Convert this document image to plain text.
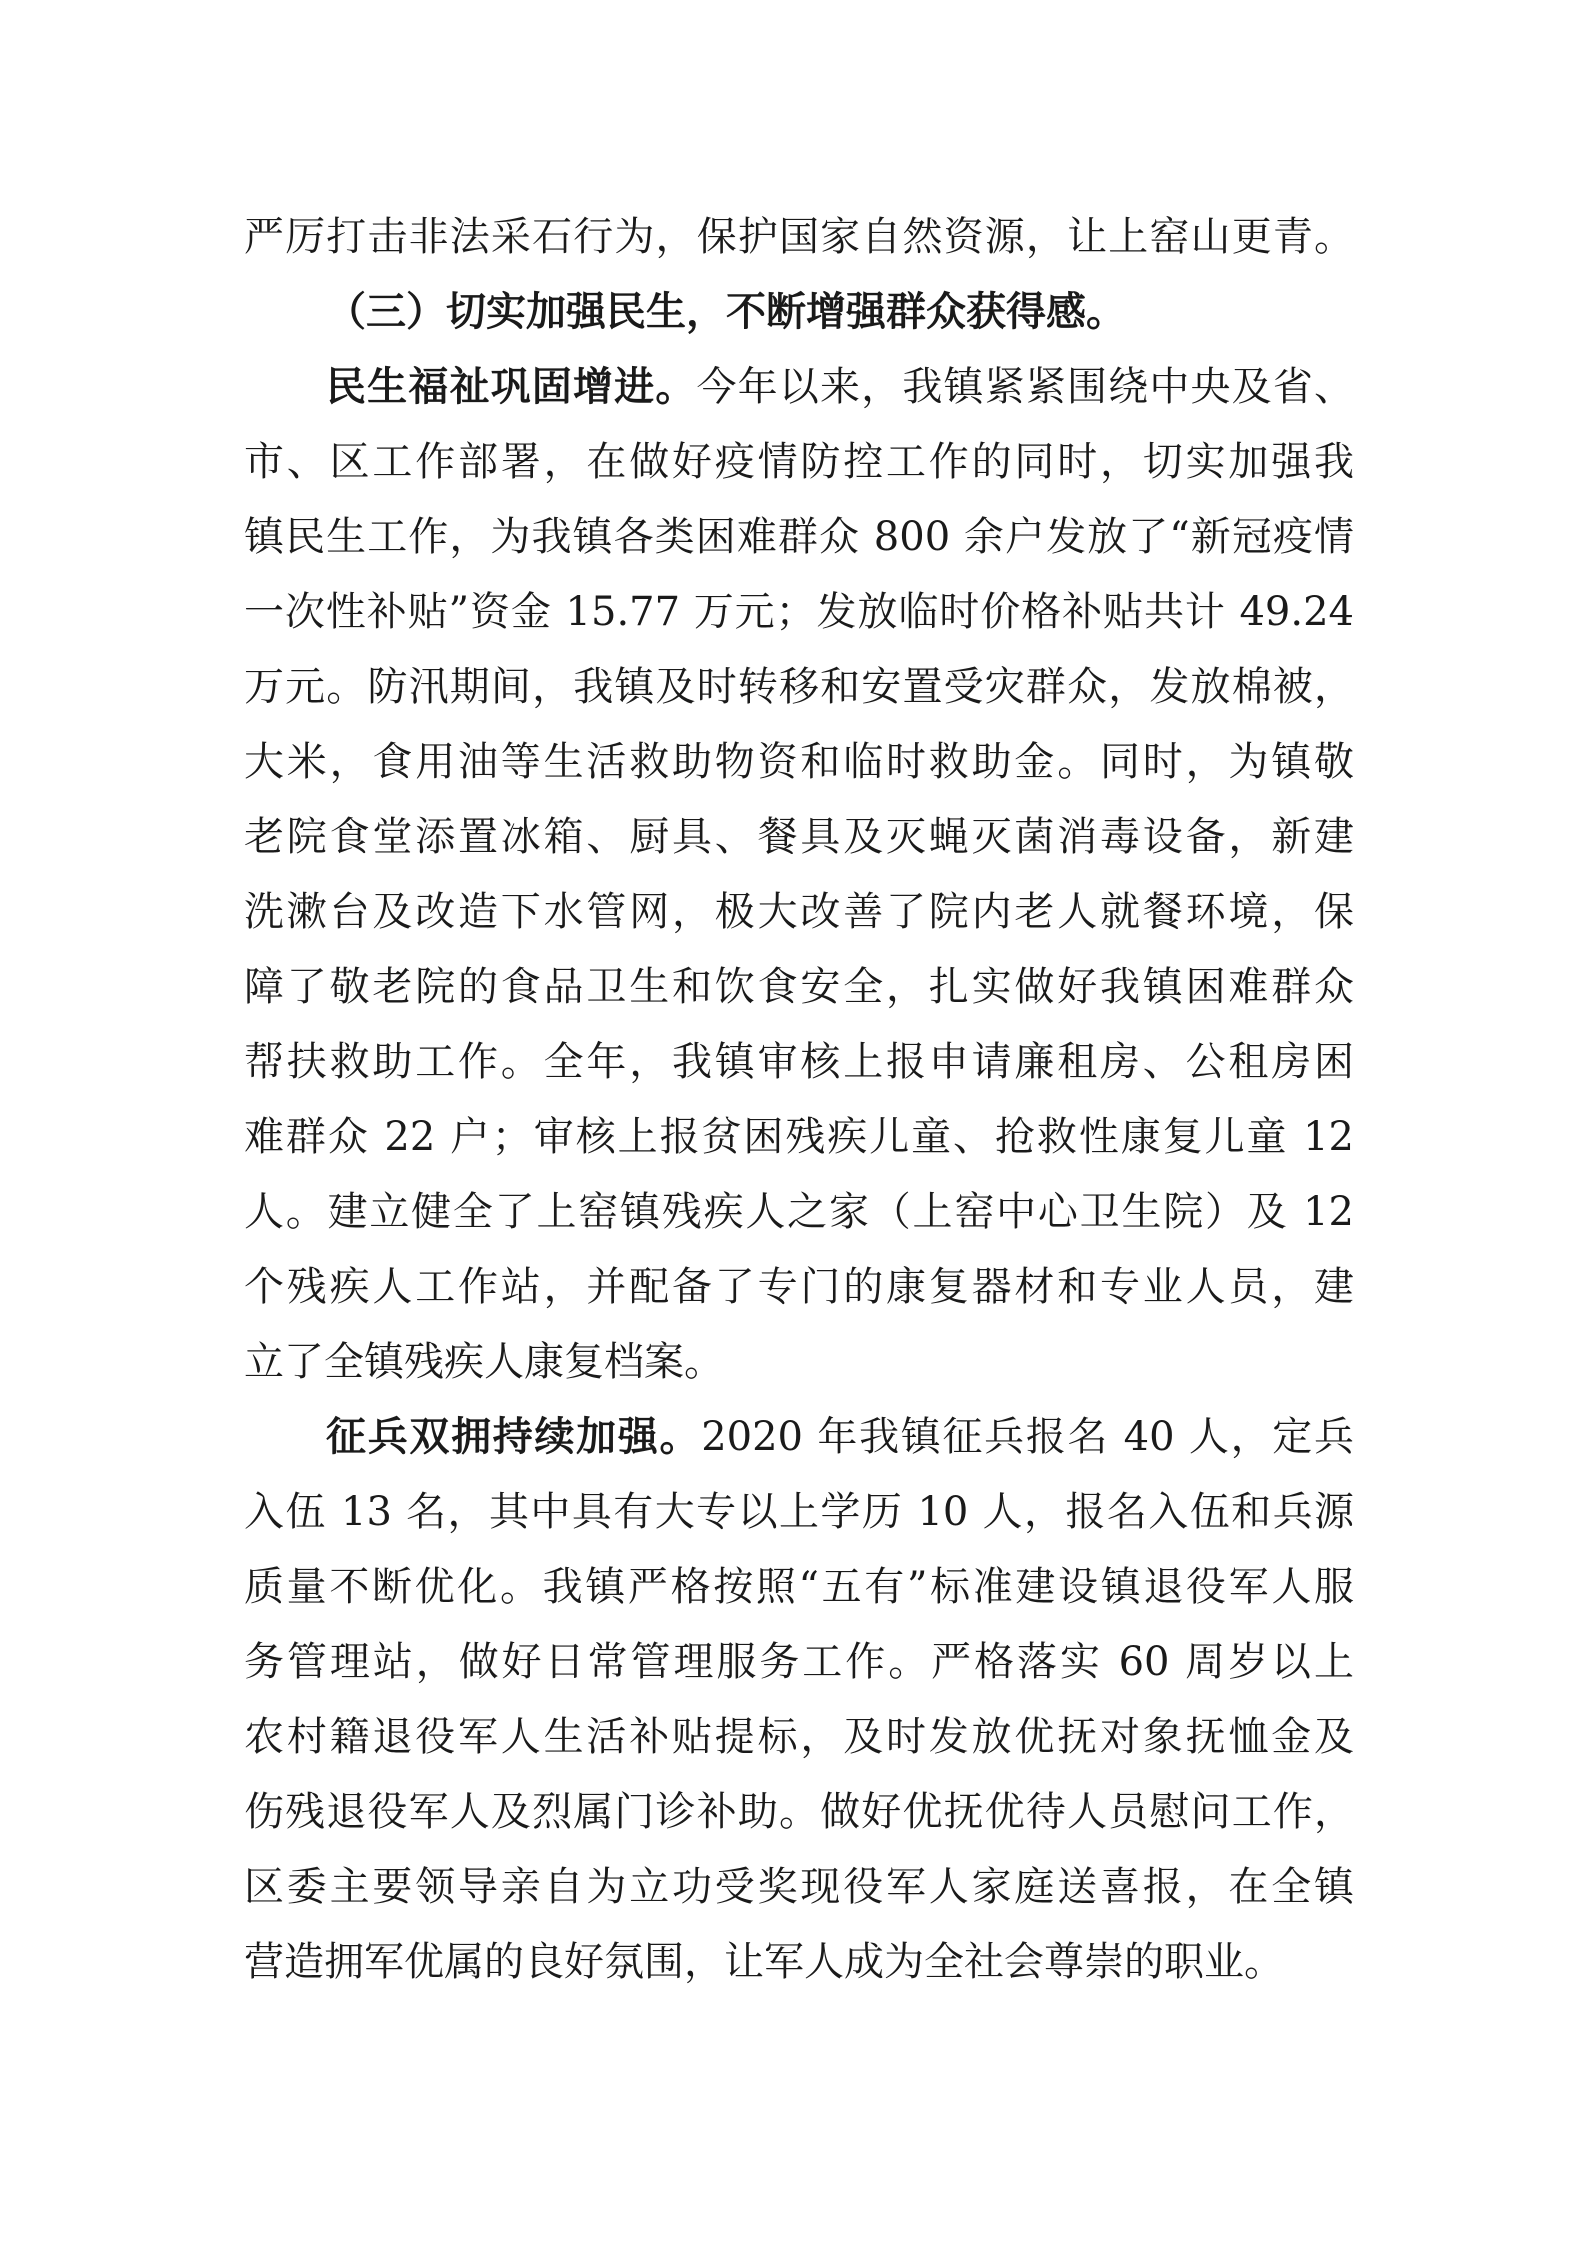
严厉打击非法采石行为，保护国家自然资源，让上窑山更青。
（三）切实加强民生，不断增强群众获得感。
民生福祉巩固增进。今年以来，我镇紧紧围绕中央及省、
市、区工作部署，在做好疫情防控工作的同时，切实加强我
镇民生工作，为我镇各类困难群众 800 余户发放了“新冠疫情
一次性补贴”资金 15.77 万元；发放临时价格补贴共计 49.24
万元。防汛期间，我镇及时转移和安置受灾群众，发放棉被，
大米，食用油等生活救助物资和临时救助金。同时，为镇敬
老院食堂添置冰箱、厨具、餐具及灭蝇灭菌消毒设备，新建
洗漱台及改造下水管网，极大改善了院内老人就餐环境，保
障了敬老院的食品卫生和饮食安全，扎实做好我镇困难群众
帮扶救助工作。全年，我镇审核上报申请廉租房、公租房困
难群众 22 户；审核上报贫困残疾儿童、抢救性康复儿童 12
人。建立健全了上窑镇残疾人之家（上窑中心卫生院）及 12
个残疾人工作站，并配备了专门的康复器材和专业人员，建
立了全镇残疾人康复档案。
征兵双拥持续加强。2020 年我镇征兵报名 40 人，定兵
入伍 13 名，其中具有大专以上学历 10 人，报名入伍和兵源
质量不断优化。我镇严格按照“五有”标准建设镇退役军人服
务管理站，做好日常管理服务工作。严格落实 60 周岁以上
农村籍退役军人生活补贴提标，及时发放优抚对象抚恤金及
伤残退役军人及烈属门诊补助。做好优抚优待人员慰问工作，
区委主要领导亲自为立功受奖现役军人家庭送喜报，在全镇
营造拥军优属的良好氛围，让军人成为全社会尊崇的职业。
